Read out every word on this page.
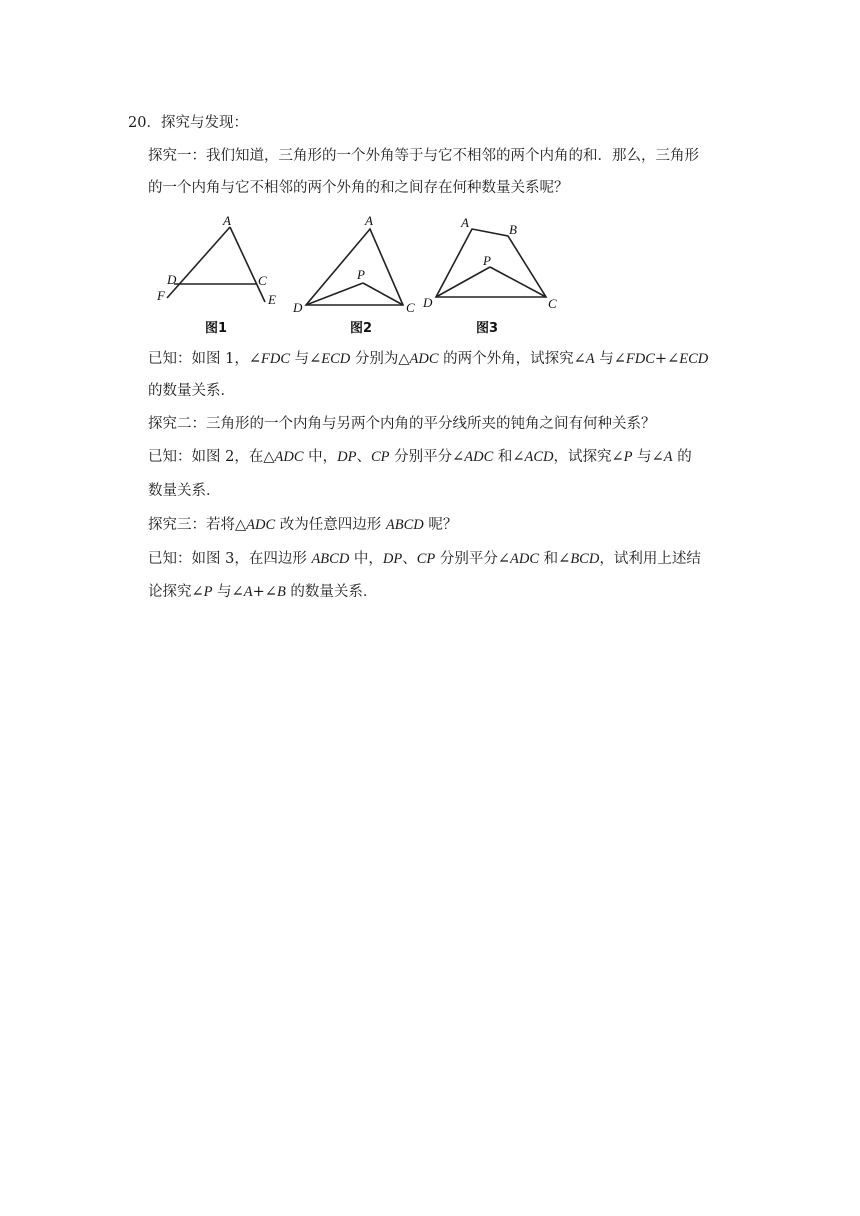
20．探究与发现：
探究一：我们知道，三角形的一个外角等于与它不相邻的两个内角的和．那么，三角形
的一个内角与它不相邻的两个外角的和之间存在何种数量关系呢？
A
D	C
F	E
图1
A
P
D	C
图2
A	B
P
D	C
图3
已知：如图 1，∠FDC 与∠ECD 分别为△ADC 的两个外角，试探究∠A 与∠FDC+∠ECD
的数量关系．
探究二：三角形的一个内角与另两个内角的平分线所夹的钝角之间有何种关系？
已知：如图 2，在△ADC 中，DP、CP 分别平分∠ADC 和∠ACD，试探究∠P 与∠A 的
数量关系．
探究三：若将△ADC 改为任意四边形 ABCD 呢？
已知：如图 3，在四边形 ABCD 中，DP、CP 分别平分∠ADC 和∠BCD，试利用上述结
论探究∠P 与∠A+∠B 的数量关系．
